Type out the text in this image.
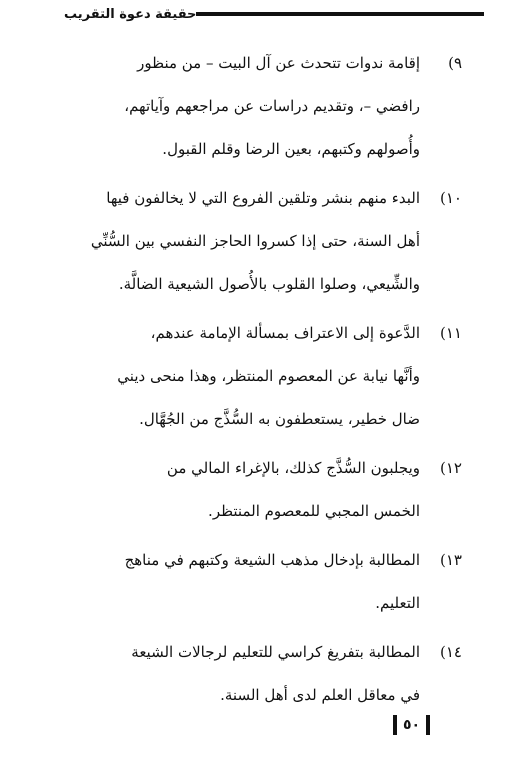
حقيقة دعوة التقريب
٩)
إقامة ندوات تتحدث عن آل البيت – من منظور
رافضي –، وتقديم دراسات عن مراجعهم وآياتهم،
وأُصولهم وكتبهم، بعين الرضا وقلم القبول.
١٠)
البدء منهم بنشر وتلقين الفروع التي لا يخالفون فيها
أهل السنة، حتى إذا كسروا الحاجز النفسي بين السُّنِّي
والشِّيعي، وصلوا القلوب بالأُصول الشيعية الضالَّة.
١١)
الدَّعوة إلى الاعتراف بمسألة الإمامة عندهم،
وأنَّها نيابة عن المعصوم المنتظر، وهذا منحى ديني
ضال خطير، يستعطفون به السُّذَّج من الجُهَّال.
١٢)
ويجلبون السُّذَّج كذلك، بالإغراء المالي من
الخمس المجبي للمعصوم المنتظر.
١٣)
المطالبة بإدخال مذهب الشيعة وكتبهم في مناهج
التعليم.
١٤)
المطالبة بتفريغ كراسي للتعليم لرجالات الشيعة
في معاقل العلم لدى أهل السنة.
٥٠
